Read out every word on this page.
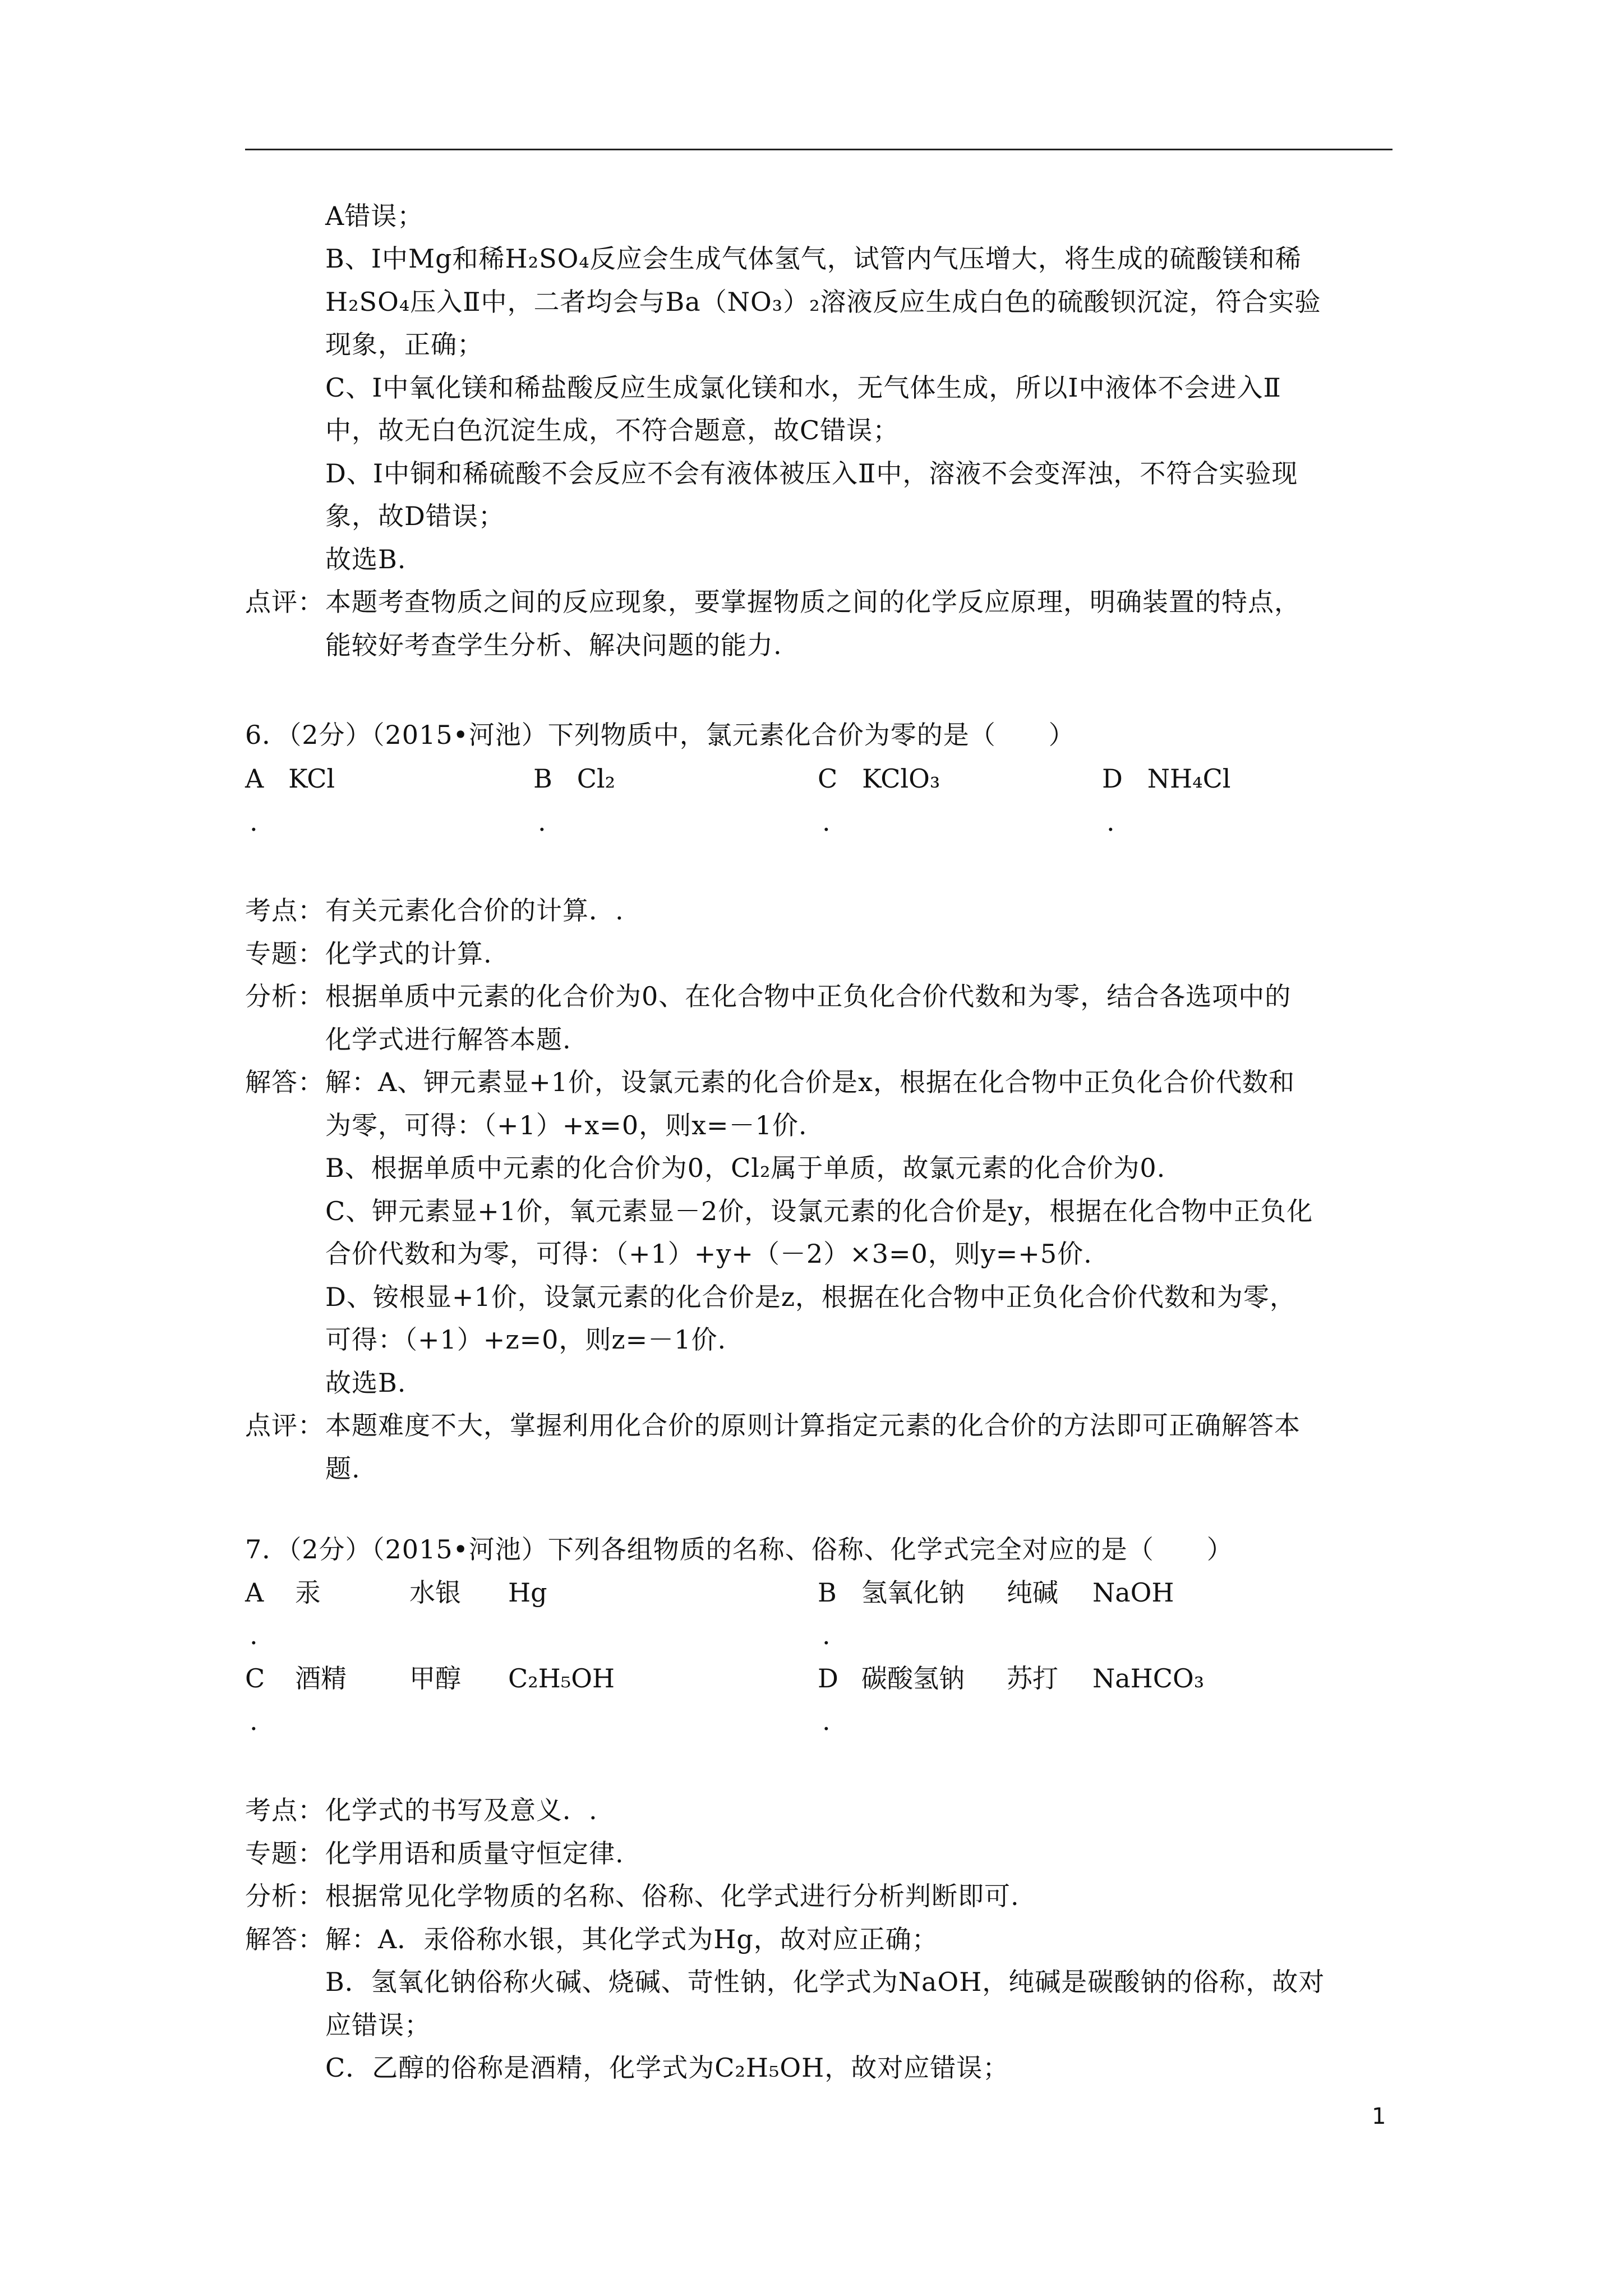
A错误；
B、I中Mg和稀H₂SO₄反应会生成气体氢气，试管内气压增大，将生成的硫酸镁和稀
H₂SO₄压入Ⅱ中，二者均会与Ba（NO₃）₂溶液反应生成白色的硫酸钡沉淀，符合实验
现象，正确；
C、I中氧化镁和稀盐酸反应生成氯化镁和水，无气体生成，所以I中液体不会进入Ⅱ
中，故无白色沉淀生成，不符合题意，故C错误；
D、I中铜和稀硫酸不会反应不会有液体被压入Ⅱ中，溶液不会变浑浊，不符合实验现
象，故D错误；
故选B.
点评： 本题考查物质之间的反应现象，要掌握物质之间的化学反应原理，明确装置的特点，
能较好考查学生分析、解决问题的能力.
6．（2分）（2015•河池）下列物质中，氯元素化合价为零的是（　　）
A KCl	B Cl₂	C KClO₃	D NH₄Cl
.	.	.	.
考点： 有关元素化合价的计算．.
专题： 化学式的计算.
分析： 根据单质中元素的化合价为0、在化合物中正负化合价代数和为零，结合各选项中的
化学式进行解答本题.
解答： 解：A、钾元素显+1价，设氯元素的化合价是x，根据在化合物中正负化合价代数和
为零，可得：（+1）+x=0，则x=－1价.
B、根据单质中元素的化合价为0，Cl₂属于单质，故氯元素的化合价为0.
C、钾元素显+1价，氧元素显－2价，设氯元素的化合价是y，根据在化合物中正负化
合价代数和为零，可得：（+1）+y+（－2）×3=0，则y=+5价.
D、铵根显+1价，设氯元素的化合价是z，根据在化合物中正负化合价代数和为零，
可得：（+1）+z=0，则z=－1价.
故选B.
点评： 本题难度不大，掌握利用化合价的原则计算指定元素的化合价的方法即可正确解答本
题.
7．（2分）（2015•河池）下列各组物质的名称、俗称、化学式完全对应的是（　　）
A 汞	水银 Hg	B 氢氧化钠 纯碱 NaOH
.	.
C 酒精 甲醇 C₂H₅OH	D 碳酸氢钠 苏打 NaHCO₃
.	.
考点： 化学式的书写及意义．.
专题： 化学用语和质量守恒定律.
分析： 根据常见化学物质的名称、俗称、化学式进行分析判断即可.
解答： 解：A．汞俗称水银，其化学式为Hg，故对应正确；
B．氢氧化钠俗称火碱、烧碱、苛性钠，化学式为NaOH，纯碱是碳酸钠的俗称，故对
应错误；
C．乙醇的俗称是酒精，化学式为C₂H₅OH，故对应错误；
1
